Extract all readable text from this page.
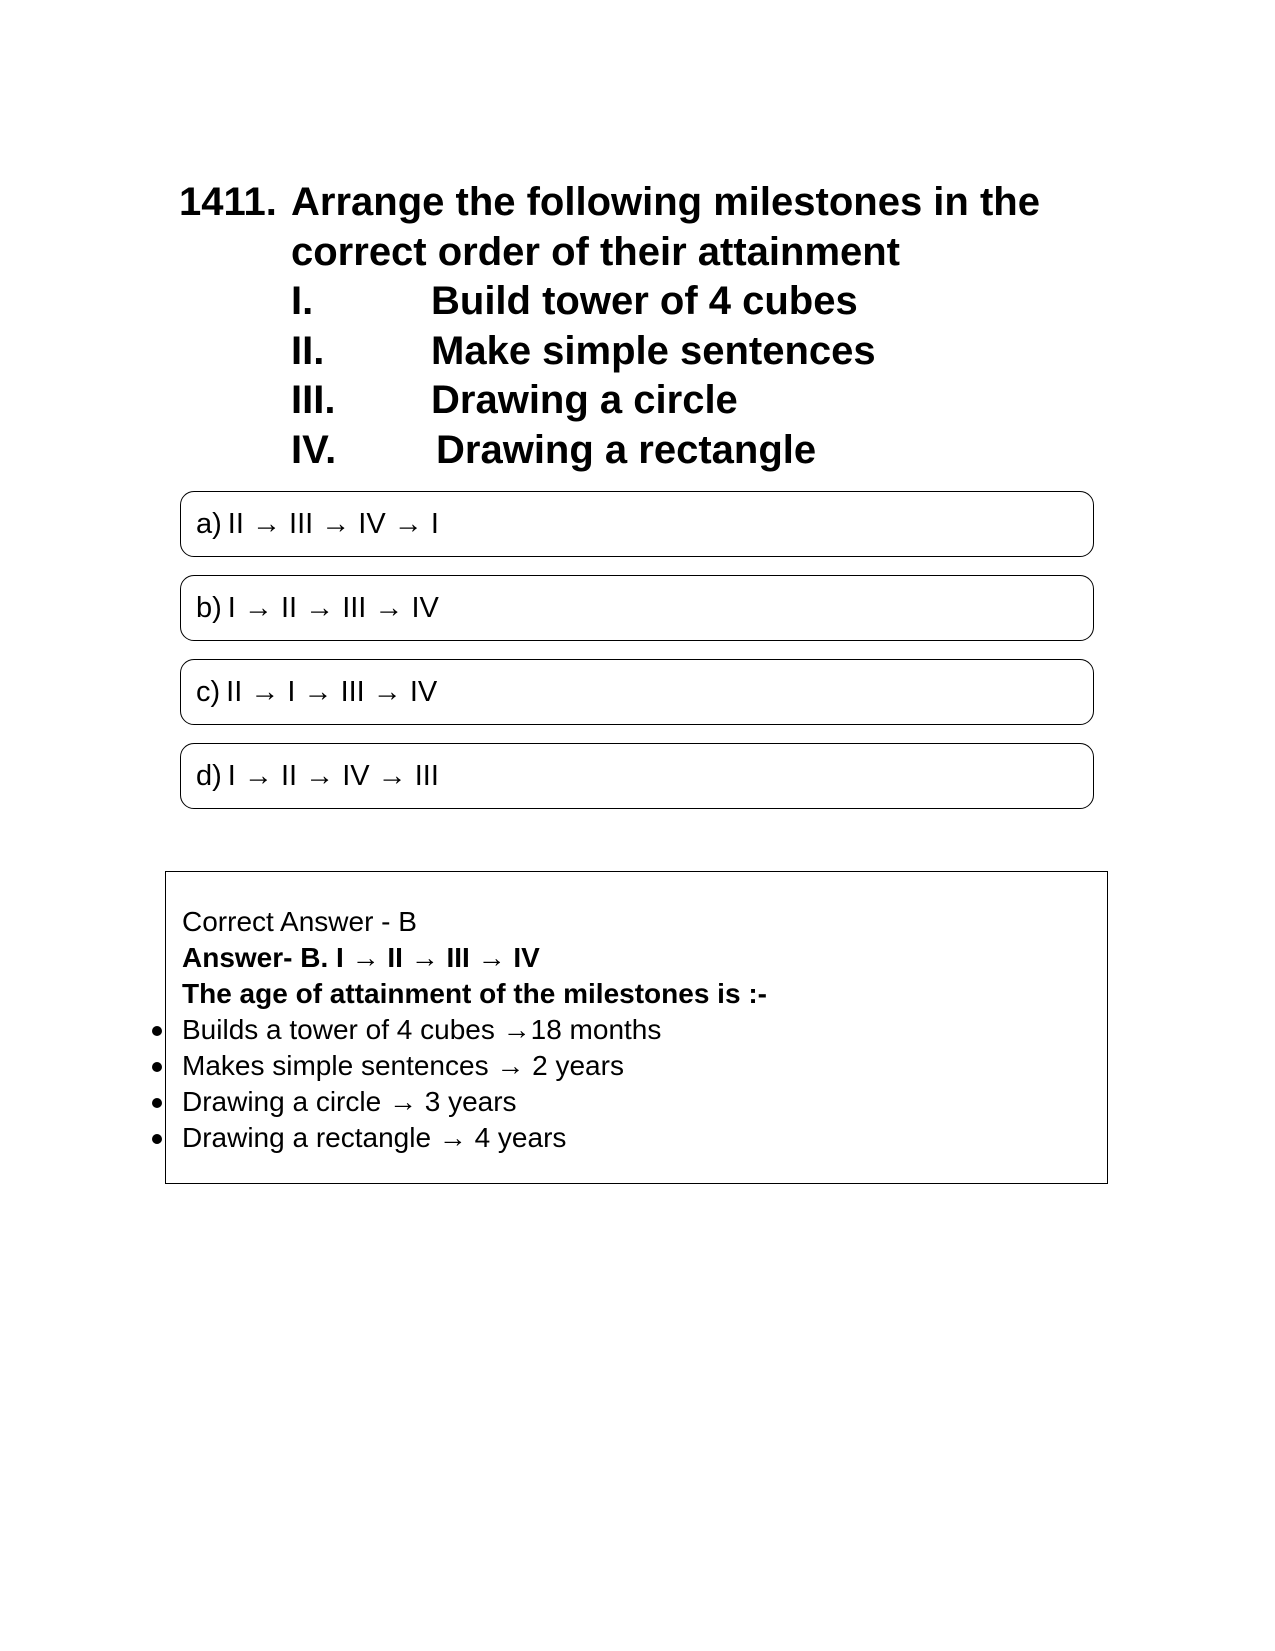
1411. Arrange the following milestones in the
correct order of their attainment
I.	Build tower of 4 cubes
II.	Make simple sentences
III. Drawing a circle
IV. Drawing a rectangle
a) II → III → IV → I
b) I → II → III → IV
c) II → I → III → IV
d) I → II → IV → III
Correct Answer - B
Answer- B. I → II → III → IV
The age of attainment of the milestones is :-
Builds a tower of 4 cubes →18 months
Makes simple sentences → 2 years
Drawing a circle → 3 years
Drawing a rectangle → 4 years
